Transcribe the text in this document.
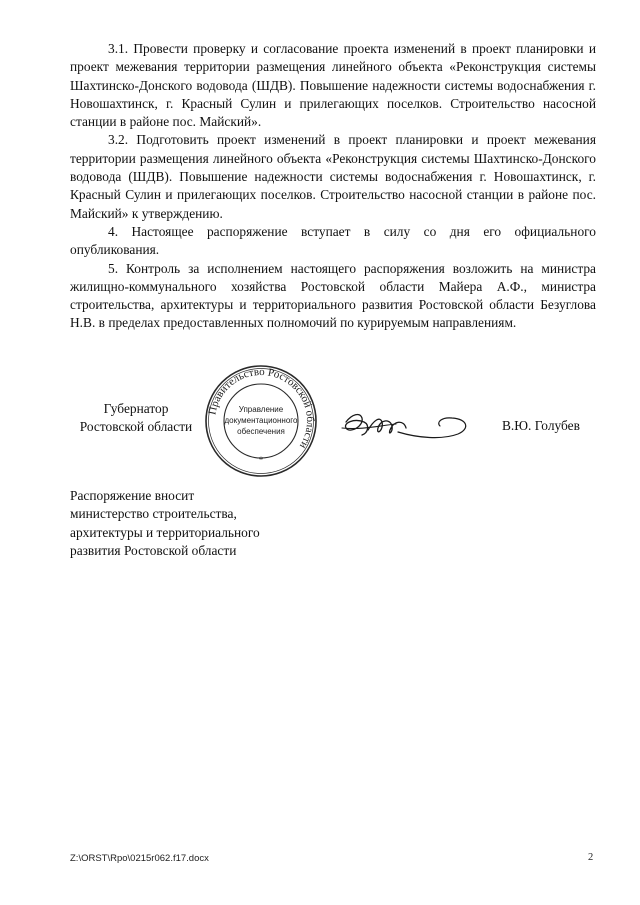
3.1. Провести проверку и согласование проекта изменений в проект планировки и проект межевания территории размещения линейного объекта «Реконструкция системы Шахтинско-Донского водовода (ШДВ). Повышение надежности системы водоснабжения г. Новошахтинск, г. Красный Сулин и прилегающих поселков. Строительство насосной станции в районе пос. Майский».

3.2. Подготовить проект изменений в проект планировки и проект межевания территории размещения линейного объекта «Реконструкция системы Шахтинско-Донского водовода (ШДВ). Повышение надежности системы водоснабжения г. Новошахтинск, г. Красный Сулин и прилегающих поселков. Строительство насосной станции в районе пос. Майский» к утверждению.

4. Настоящее распоряжение вступает в силу со дня его официального опубликования.

5. Контроль за исполнением настоящего распоряжения возложить на министра жилищно-коммунального хозяйства Ростовской области Майера А.Ф., министра строительства, архитектуры и территориального развития Ростовской области Безуглова Н.В. в пределах предоставленных полномочий по курируемым направлениям.

Губернатор
Ростовской области
Правительство Ростовской области
*
Управление
документационного
обеспечения	В.Ю. Голубев
Распоряжение вносит
министерство строительства,
архитектуры и территориального
развития Ростовской области
Z:\ORST\Rpo\0215r062.f17.docx	2
